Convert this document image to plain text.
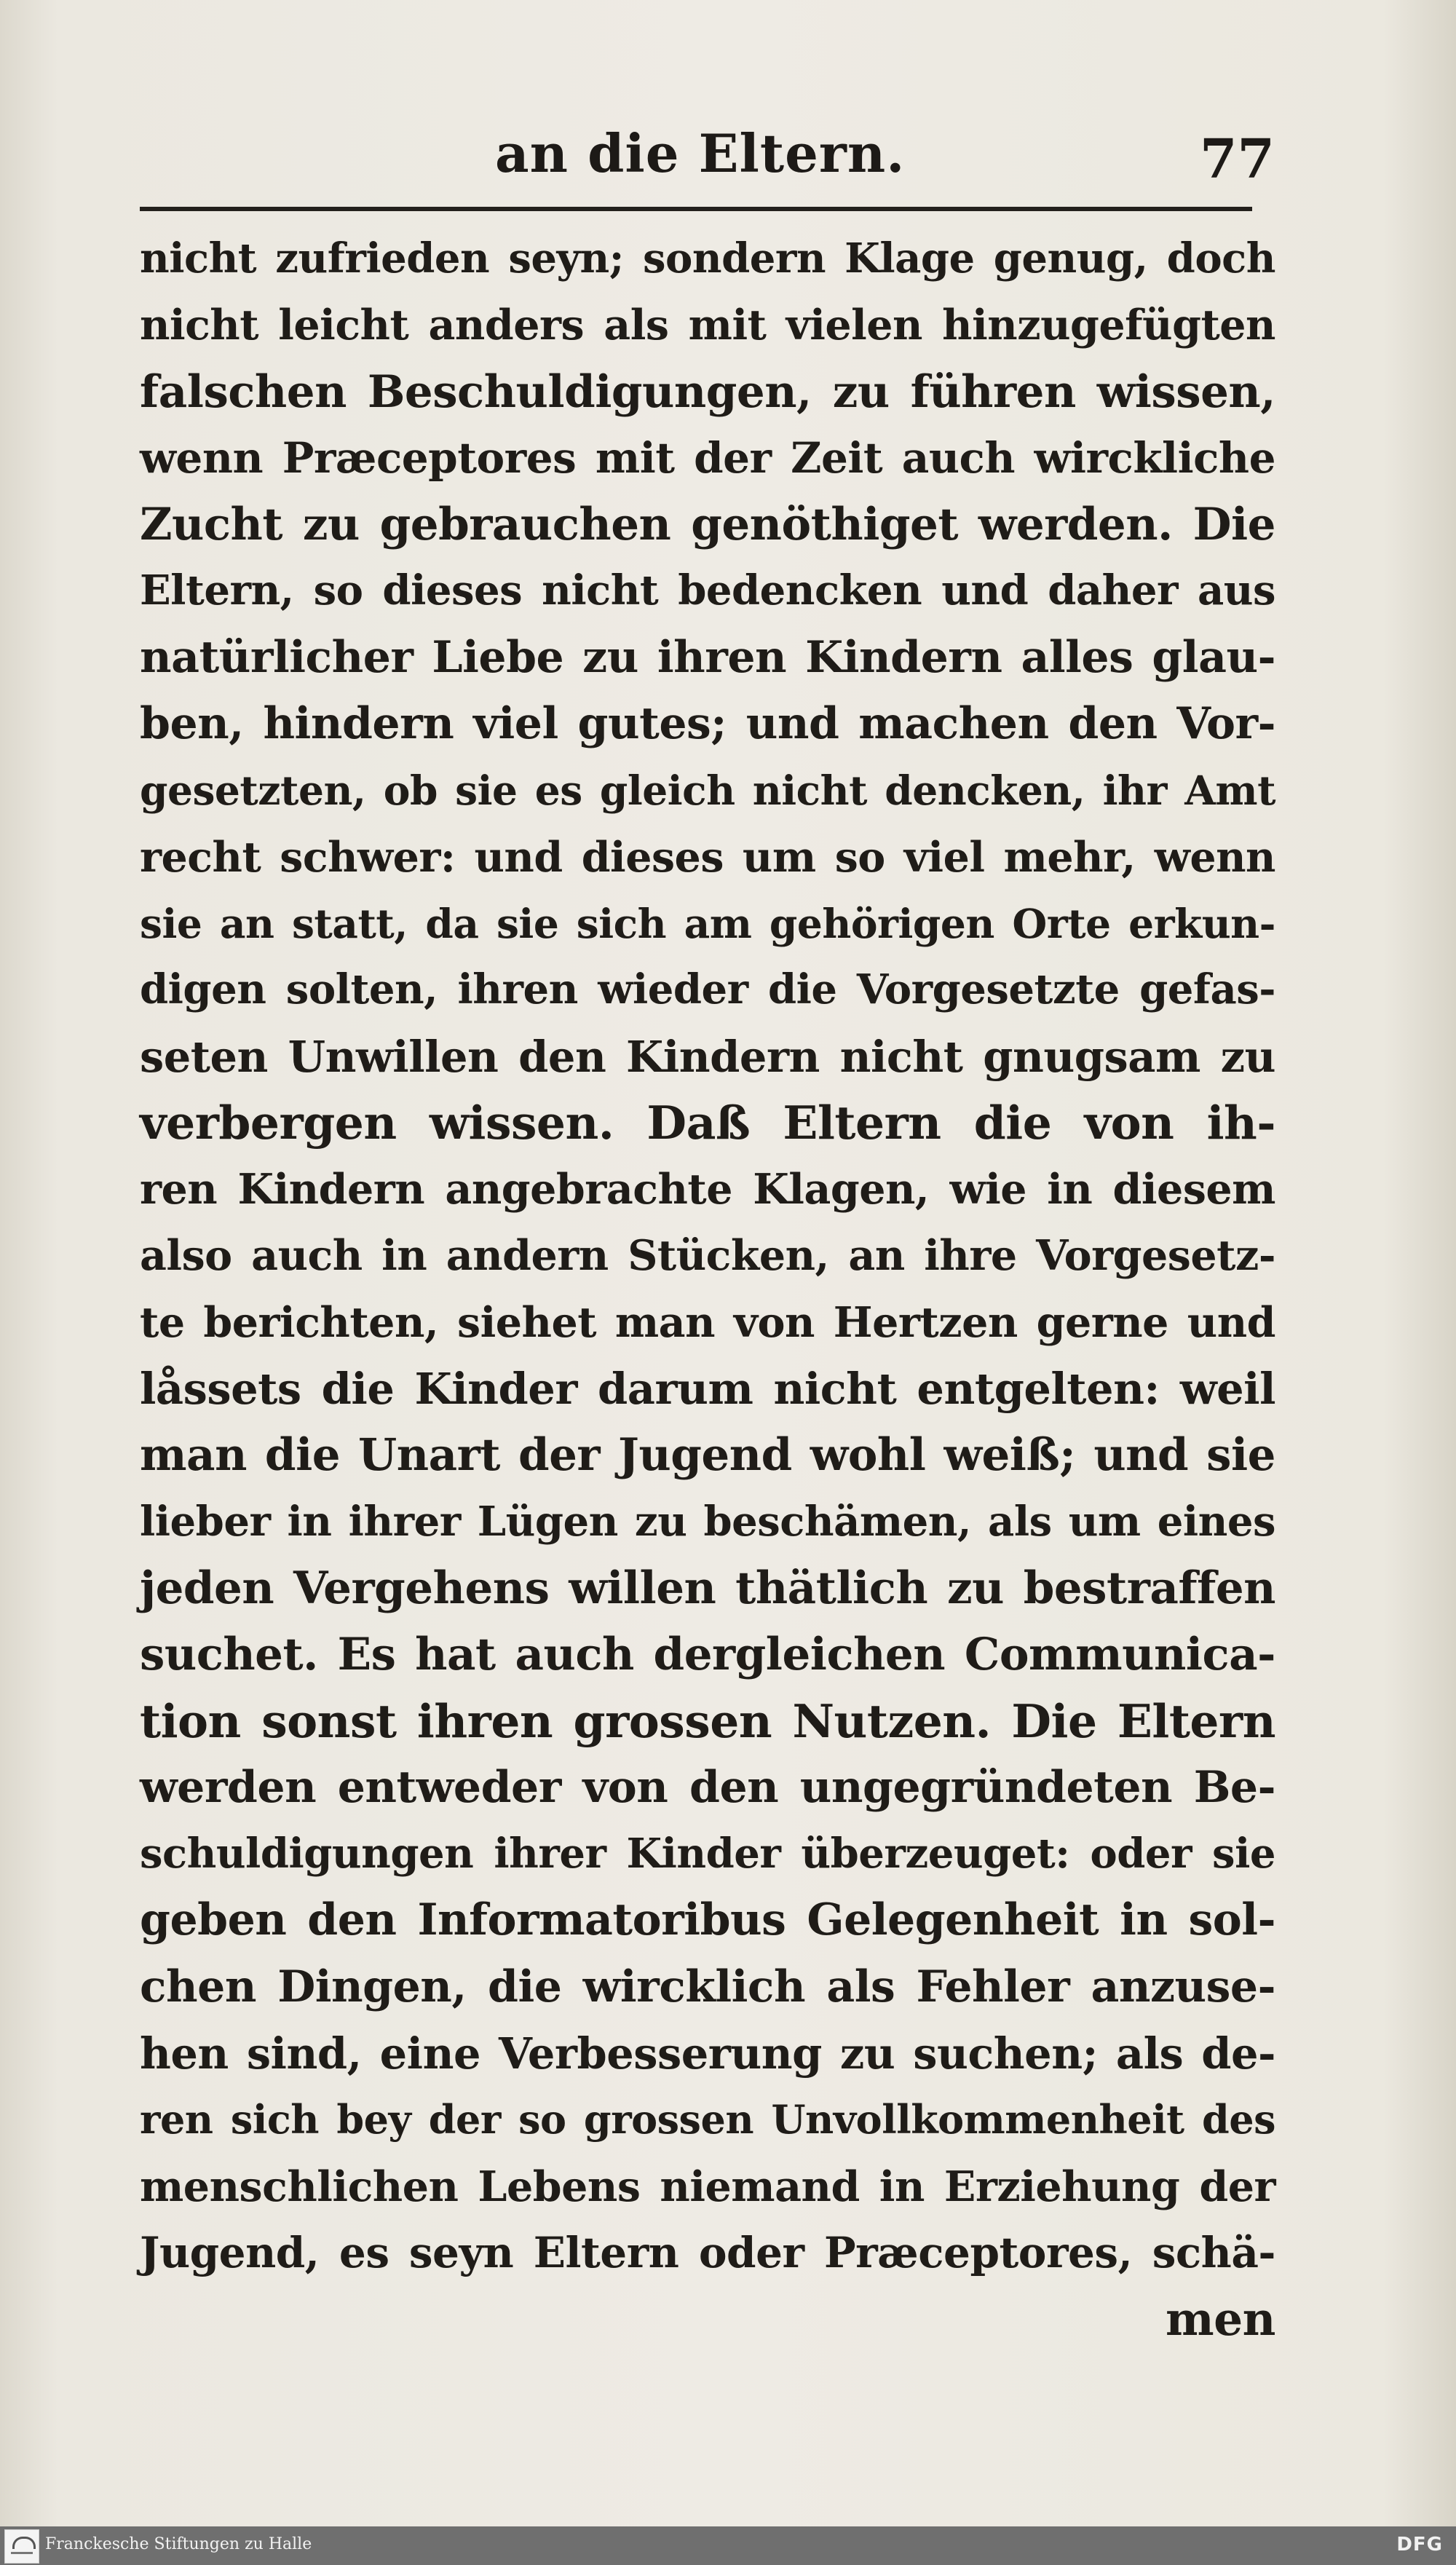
an die Eltern.	77
nicht zufrieden seyn; sondern Klage genug, doch
nicht leicht anders als mit vielen hinzugefügten
falschen Beschuldigungen, zu führen wissen,
wenn Præceptores mit der Zeit auch wirckliche
Zucht zu gebrauchen genöthiget werden. Die
Eltern, so dieses nicht bedencken und daher aus
natürlicher Liebe zu ihren Kindern alles glau-
ben, hindern viel gutes; und machen den Vor-
gesetzten, ob sie es gleich nicht dencken, ihr Amt
recht schwer: und dieses um so viel mehr, wenn
sie an statt, da sie sich am gehörigen Orte erkun-
digen solten, ihren wieder die Vorgesetzte gefas-
seten Unwillen den Kindern nicht gnugsam zu
verbergen wissen. Daß Eltern die von ih-
ren Kindern angebrachte Klagen, wie in diesem
also auch in andern Stücken, an ihre Vorgesetz-
te berichten, siehet man von Hertzen gerne und
låssets die Kinder darum nicht entgelten: weil
man die Unart der Jugend wohl weiß; und sie
lieber in ihrer Lügen zu beschämen, als um eines
jeden Vergehens willen thätlich zu bestraffen
suchet. Es hat auch dergleichen Communica-
tion sonst ihren grossen Nutzen. Die Eltern
werden entweder von den ungegründeten Be-
schuldigungen ihrer Kinder überzeuget: oder sie
geben den Informatoribus Gelegenheit in sol-
chen Dingen, die wircklich als Fehler anzuse-
hen sind, eine Verbesserung zu suchen; als de-
ren sich bey der so grossen Unvollkommenheit des
menschlichen Lebens niemand in Erziehung der
Jugend, es seyn Eltern oder Præceptores, schä-
men
Franckesche Stiftungen zu Halle	DFG
